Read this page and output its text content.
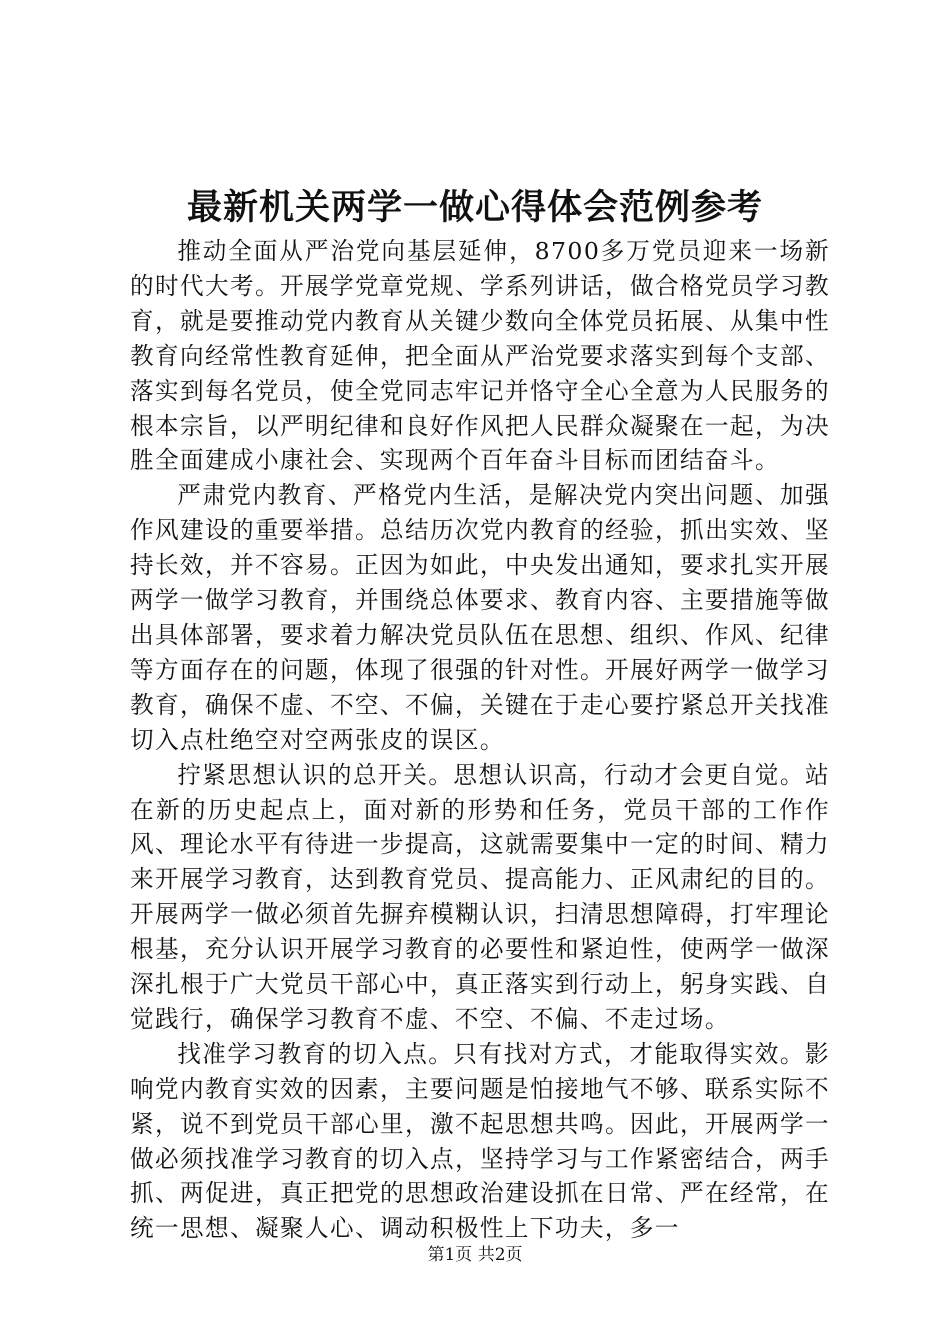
最新机关两学一做心得体会范例参考

推动全面从严治党向基层延伸，8700多万党员迎来一场新的时代大考。开展学党章党规、学系列讲话，做合格党员学习教育，就是要推动党内教育从关键少数向全体党员拓展、从集中性教育向经常性教育延伸，把全面从严治党要求落实到每个支部、落实到每名党员，使全党同志牢记并恪守全心全意为人民服务的根本宗旨，以严明纪律和良好作风把人民群众凝聚在一起，为决胜全面建成小康社会、实现两个百年奋斗目标而团结奋斗。

严肃党内教育、严格党内生活，是解决党内突出问题、加强作风建设的重要举措。总结历次党内教育的经验，抓出实效、坚持长效，并不容易。正因为如此，中央发出通知，要求扎实开展两学一做学习教育，并围绕总体要求、教育内容、主要措施等做出具体部署，要求着力解决党员队伍在思想、组织、作风、纪律等方面存在的问题，体现了很强的针对性。开展好两学一做学习教育，确保不虚、不空、不偏，关键在于走心要拧紧总开关找准切入点杜绝空对空两张皮的误区。

拧紧思想认识的总开关。思想认识高，行动才会更自觉。站在新的历史起点上，面对新的形势和任务，党员干部的工作作风、理论水平有待进一步提高，这就需要集中一定的时间、精力来开展学习教育，达到教育党员、提高能力、正风肃纪的目的。开展两学一做必须首先摒弃模糊认识，扫清思想障碍，打牢理论根基，充分认识开展学习教育的必要性和紧迫性，使两学一做深深扎根于广大党员干部心中，真正落实到行动上，躬身实践、自觉践行，确保学习教育不虚、不空、不偏、不走过场。

找准学习教育的切入点。只有找对方式，才能取得实效。影响党内教育实效的因素，主要问题是怕接地气不够、联系实际不紧，说不到党员干部心里，激不起思想共鸣。因此，开展两学一做必须找准学习教育的切入点，坚持学习与工作紧密结合，两手抓、两促进，真正把党的思想政治建设抓在日常、严在经常，在统一思想、凝聚人心、调动积极性上下功夫，多一

第1页 共2页
